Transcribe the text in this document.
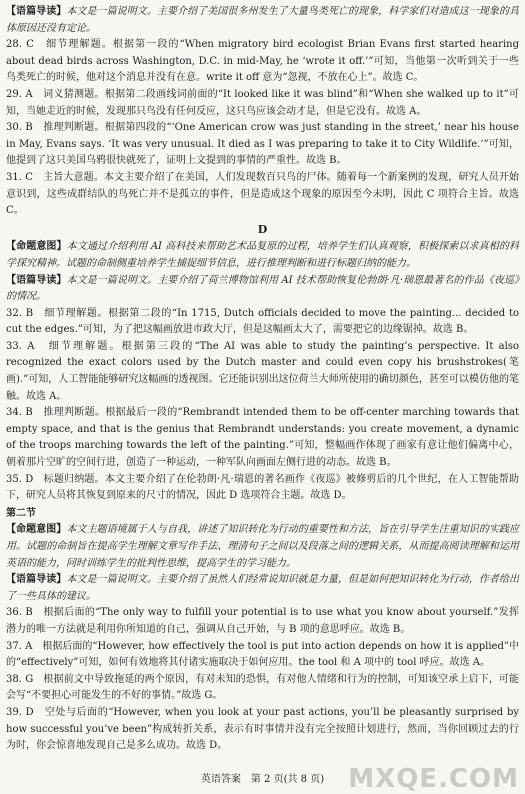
【语篇导读】本文是一篇说明文。主要介绍了美国很多州发生了大量鸟类死亡的现象，科学家们对造成这一现象的具体原因还没有定论。

28. C　细节理解题。根据第一段的“When migratory bird ecologist Brian Evans first started hearing about dead birds across Washington, D.C. in mid-May, he ‘wrote it off.’”可知，当他第一次听到关于一些鸟类死亡的时候，他对这个消息并没有在意。write it off 意为“忽视，不放在心上”。故选 C。

29. A　词义猜测题。根据第二段画线词前面的“It looked like it was blind”和“When she walked up to it”可知，当她走近的时候，发现那只鸟没有任何反应，这只鸟应该会动才是，但是它没有。故选 A。

30. B　推理判断题。根据第四段的“‘One American crow was just standing in the street,’ near his house in May, Evans says. ‘It was very unusual. It died as I was preparing to take it to City Wildlife.’”可知，他提到了这只美国乌鸦很快就死了，证明上文提到的事情的严重性。故选 B。

31. C　主旨大意题。本文主要介绍了在美国，人们发现数百只鸟的尸体。随着每一个新案例的发现，研究人员开始意识到，这些成群结队的鸟死亡并不是孤立的事件，但是造成这个现象的原因至今未明，因此 C 项符合主旨。故选 C。

D

【命题意图】本文通过介绍利用 AI 高科技来帮助艺术品复原的过程，培养学生们认真观察，积极探索以求真相的科学探究精神。试题的命制侧重培养学生捕捉细节信息，进行推理判断和进行标题归纳的能力。

【语篇导读】本文是一篇说明文。主要介绍了荷兰博物馆利用 AI 技术帮助恢复伦勃朗·凡·瑞恩最著名的作品《夜巡》的情况。

32. B　细节理解题。根据第二段的“In 1715, Dutch officials decided to move the painting... decided to cut the edges.”可知，为了把这幅画放进市政大厅，但是这幅画太大了，需要把它的边缘锯掉。故选 B。

33. A　细节理解题。根据第三段的“The AI was able to study the painting’s perspective. It also recognized the exact colors used by the Dutch master and could even copy his brushstrokes(笔画).”可知，人工智能能够研究这幅画的透视图。它还能识别出这位荷兰大师所使用的确切颜色，甚至可以模仿他的笔触。故选 A。

34. B　推理判断题。根据最后一段的“Rembrandt intended them to be off-center marching towards that empty space, and that is the genius that Rembrandt understands: you create movement, a dynamic of the troops marching towards the left of the painting.”可知，整幅画作体现了画家有意让他们偏离中心，朝着那片空旷的空间行进，创造了一种运动，一种军队向画面左侧行进的动态。故选 B。

35. D　标题归纳题。本文主要介绍了在伦勃朗·凡·瑞恩的著名画作《夜巡》被修剪后的几个世纪，在人工智能帮助下，研究人员将其恢复到原来的尺寸的情况，因此 D 选项符合主题。故选 D。

第二节

【命题意图】本文主题语境属于人与自我，讲述了知识转化为行动的重要性和方法，旨在引导学生注重知识的实践应用。试题的命制旨在提高学生理解文章写作手法、理清句子之间以及段落之间的逻辑关系，从而提高阅读理解和运用英语的能力，同时训练学生的批判性思维，提高学生的学习能力。

【语篇导读】本文是一篇说明文。主要介绍了虽然人们经常说知识就是力量，但是如何把知识转化为行动，作者给出了一些具体的建议。

36. B　根据后面的“The only way to fulfill your potential is to use what you know about yourself.”发挥潜力的唯一方法就是利用你所知道的自己，强调从自己开始，与 B 项的意思呼应。故选 B。

37. A　根据后面的“However, how effectively the tool is put into action depends on how it is applied”中的“effectively”可知，如何有效地将其付诸实施取决于如何应用。the tool 和 A 项中的 tool 呼应。故选 A。

38. G　根据前文中导致拖延的两个原因，有对未知的恐惧，有对他人情绪和行为的控制，可知该空承上启下，可能会写“不要担心可能发生的不好的事情。”故选 G。

39. D　空处与后面的“However, when you look at your past actions, you’ll be pleasantly surprised by how successful you’ve been”构成转折关系，表示有时事情并没有完全按照计划进行，然而，当你回顾过去的行为时，你会惊喜地发现自己是多么成功。故选 D。

英语答案　第 2 页(共 8 页) MXQE.COM
